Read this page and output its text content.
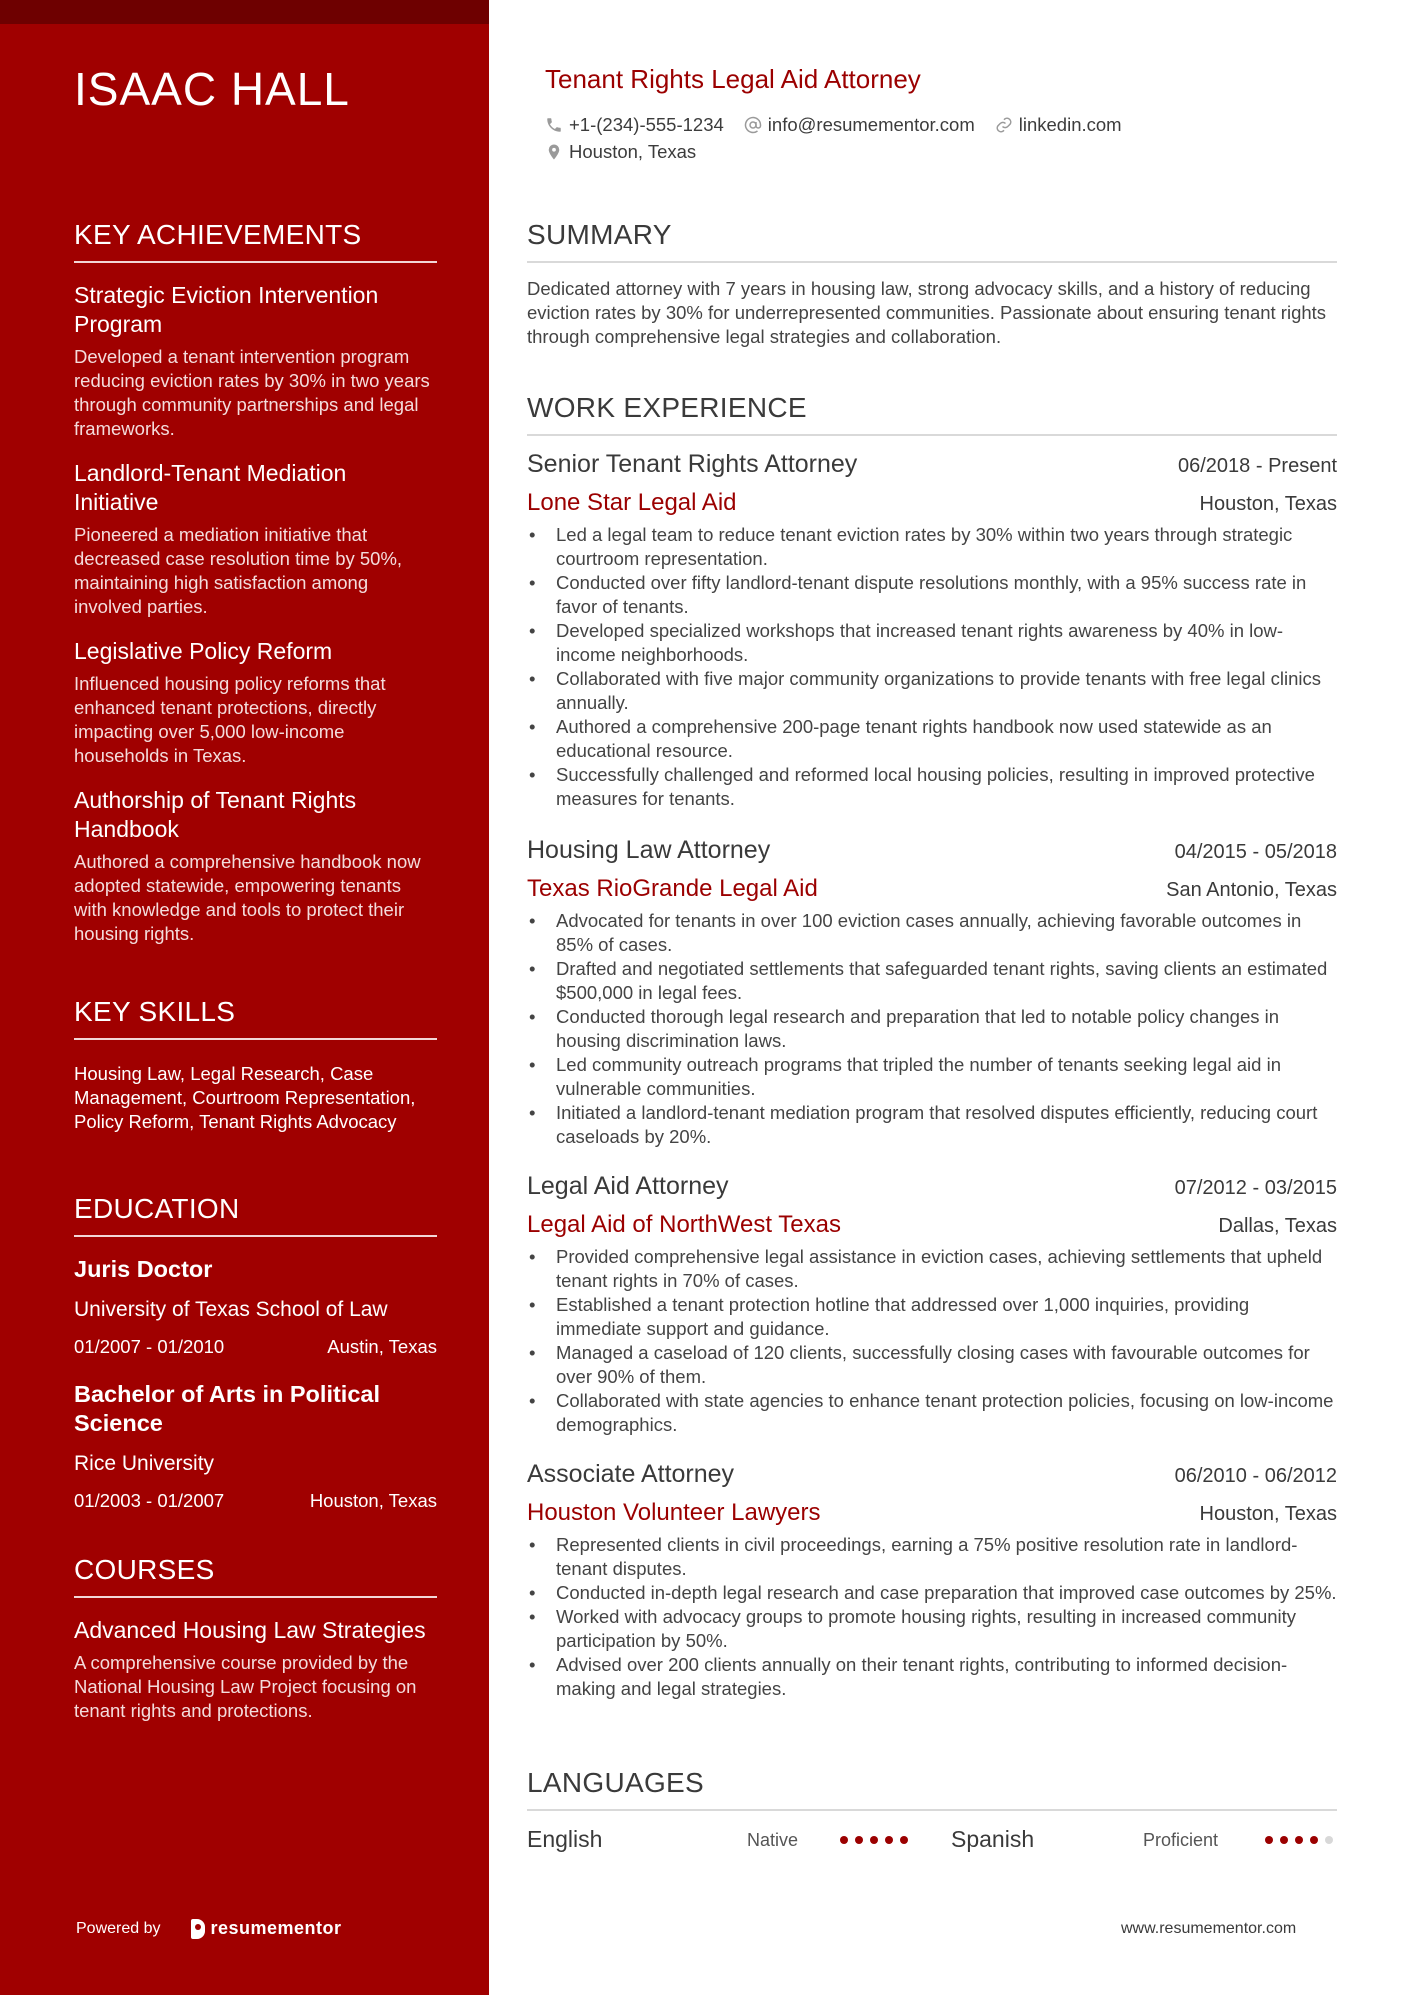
ISAAC HALL
KEY ACHIEVEMENTS
Strategic Eviction Intervention Program
Developed a tenant intervention program reducing eviction rates by 30% in two years through community partnerships and legal frameworks.
Landlord-Tenant Mediation Initiative
Pioneered a mediation initiative that decreased case resolution time by 50%, maintaining high satisfaction among involved parties.
Legislative Policy Reform
Influenced housing policy reforms that enhanced tenant protections, directly impacting over 5,000 low-income households in Texas.
Authorship of Tenant Rights Handbook
Authored a comprehensive handbook now adopted statewide, empowering tenants with knowledge and tools to protect their housing rights.
KEY SKILLS
Housing Law, Legal Research, Case Management, Courtroom Representation, Policy Reform, Tenant Rights Advocacy
EDUCATION
Juris Doctor
University of Texas School of Law
01/2007 - 01/2010	Austin, Texas
Bachelor of Arts in Political Science
Rice University
01/2003 - 01/2007	Houston, Texas
COURSES
Advanced Housing Law Strategies
A comprehensive course provided by the National Housing Law Project focusing on tenant rights and protections.
Powered by	resumementor
Tenant Rights Legal Aid Attorney
+1-(234)-555-1234 info@resumementor.com linkedin.com
Houston, Texas
SUMMARY
Dedicated attorney with 7 years in housing law, strong advocacy skills, and a history of reducing eviction rates by 30% for underrepresented communities. Passionate about ensuring tenant rights through comprehensive legal strategies and collaboration.
WORK EXPERIENCE
Senior Tenant Rights Attorney	06/2018 - Present
Lone Star Legal Aid	Houston, Texas
• Led a legal team to reduce tenant eviction rates by 30% within two years through strategic courtroom representation.
• Conducted over fifty landlord-tenant dispute resolutions monthly, with a 95% success rate in favor of tenants.
• Developed specialized workshops that increased tenant rights awareness by 40% in low-income neighborhoods.
• Collaborated with five major community organizations to provide tenants with free legal clinics annually.
• Authored a comprehensive 200-page tenant rights handbook now used statewide as an educational resource.
• Successfully challenged and reformed local housing policies, resulting in improved protective measures for tenants.
Housing Law Attorney	04/2015 - 05/2018
Texas RioGrande Legal Aid	San Antonio, Texas
• Advocated for tenants in over 100 eviction cases annually, achieving favorable outcomes in 85% of cases.
• Drafted and negotiated settlements that safeguarded tenant rights, saving clients an estimated $500,000 in legal fees.
• Conducted thorough legal research and preparation that led to notable policy changes in housing discrimination laws.
• Led community outreach programs that tripled the number of tenants seeking legal aid in vulnerable communities.
• Initiated a landlord-tenant mediation program that resolved disputes efficiently, reducing court caseloads by 20%.
Legal Aid Attorney	07/2012 - 03/2015
Legal Aid of NorthWest Texas	Dallas, Texas
• Provided comprehensive legal assistance in eviction cases, achieving settlements that upheld tenant rights in 70% of cases.
• Established a tenant protection hotline that addressed over 1,000 inquiries, providing immediate support and guidance.
• Managed a caseload of 120 clients, successfully closing cases with favourable outcomes for over 90% of them.
• Collaborated with state agencies to enhance tenant protection policies, focusing on low-income demographics.
Associate Attorney	06/2010 - 06/2012
Houston Volunteer Lawyers	Houston, Texas
• Represented clients in civil proceedings, earning a 75% positive resolution rate in landlord-tenant disputes.
• Conducted in-depth legal research and case preparation that improved case outcomes by 25%.
• Worked with advocacy groups to promote housing rights, resulting in increased community participation by 50%.
• Advised over 200 clients annually on their tenant rights, contributing to informed decision-making and legal strategies.
LANGUAGES
English	Native	Spanish	Proficient
www.resumementor.com
